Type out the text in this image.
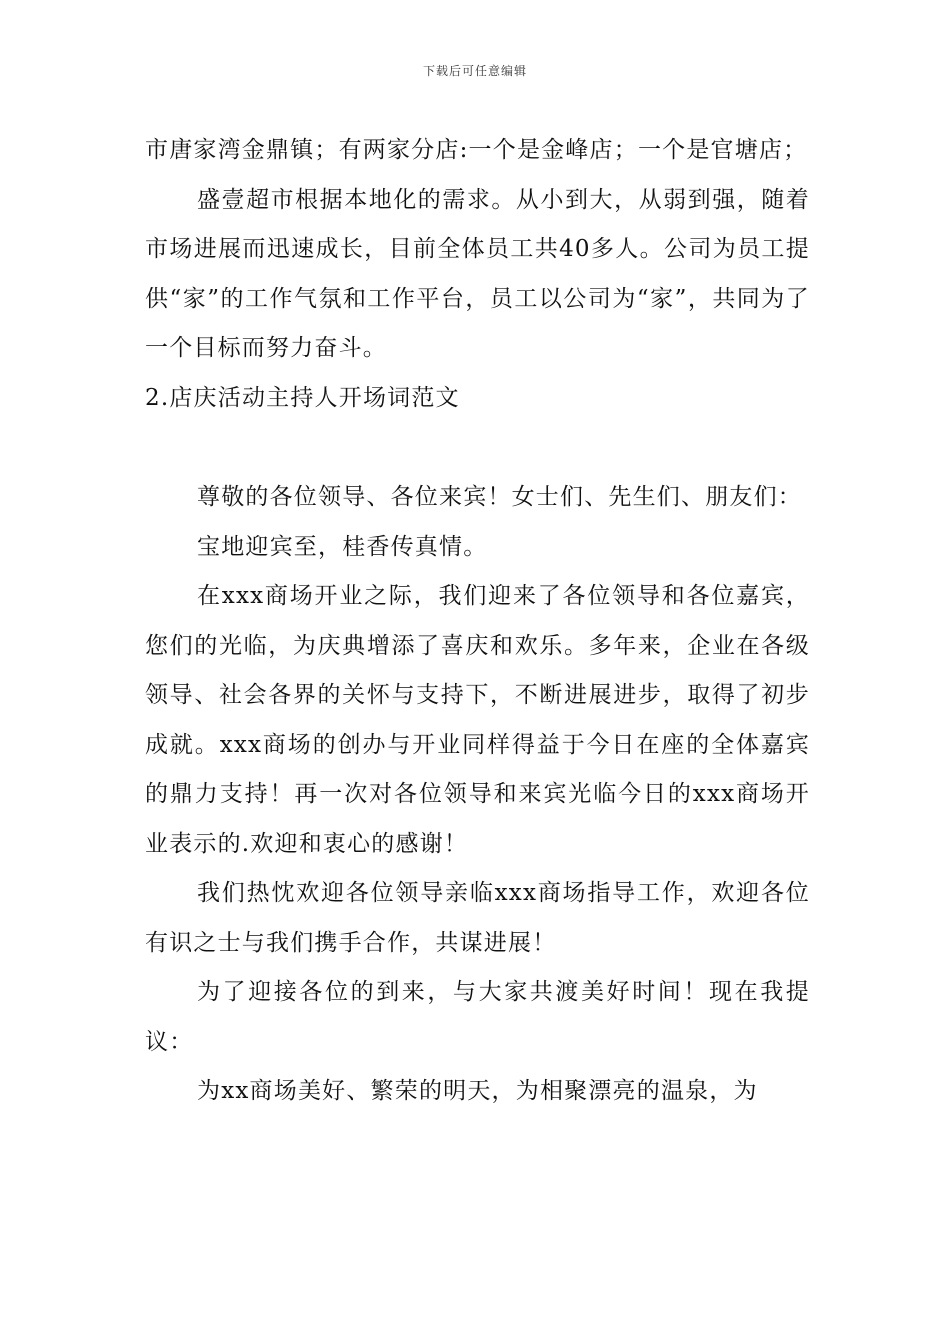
下载后可任意编辑

市唐家湾金鼎镇；有两家分店:一个是金峰店；一个是官塘店；

盛壹超市根据本地化的需求。从小到大，从弱到强，随着市场进展而迅速成长，目前全体员工共40多人。公司为员工提供“家”的工作气氛和工作平台，员工以公司为“家”，共同为了一个目标而努力奋斗。

2.店庆活动主持人开场词范文

尊敬的各位领导、各位来宾！女士们、先生们、朋友们：

宝地迎宾至，桂香传真情。

在xxx商场开业之际，我们迎来了各位领导和各位嘉宾，您们的光临，为庆典增添了喜庆和欢乐。多年来，企业在各级领导、社会各界的关怀与支持下，不断进展进步，取得了初步成就。xxx商场的创办与开业同样得益于今日在座的全体嘉宾的鼎力支持！再一次对各位领导和来宾光临今日的xxx商场开业表示的.欢迎和衷心的感谢！

我们热忱欢迎各位领导亲临xxx商场指导工作，欢迎各位有识之士与我们携手合作，共谋进展！

为了迎接各位的到来，与大家共渡美好时间！现在我提议：

为xx商场美好、繁荣的明天，为相聚漂亮的温泉，为
